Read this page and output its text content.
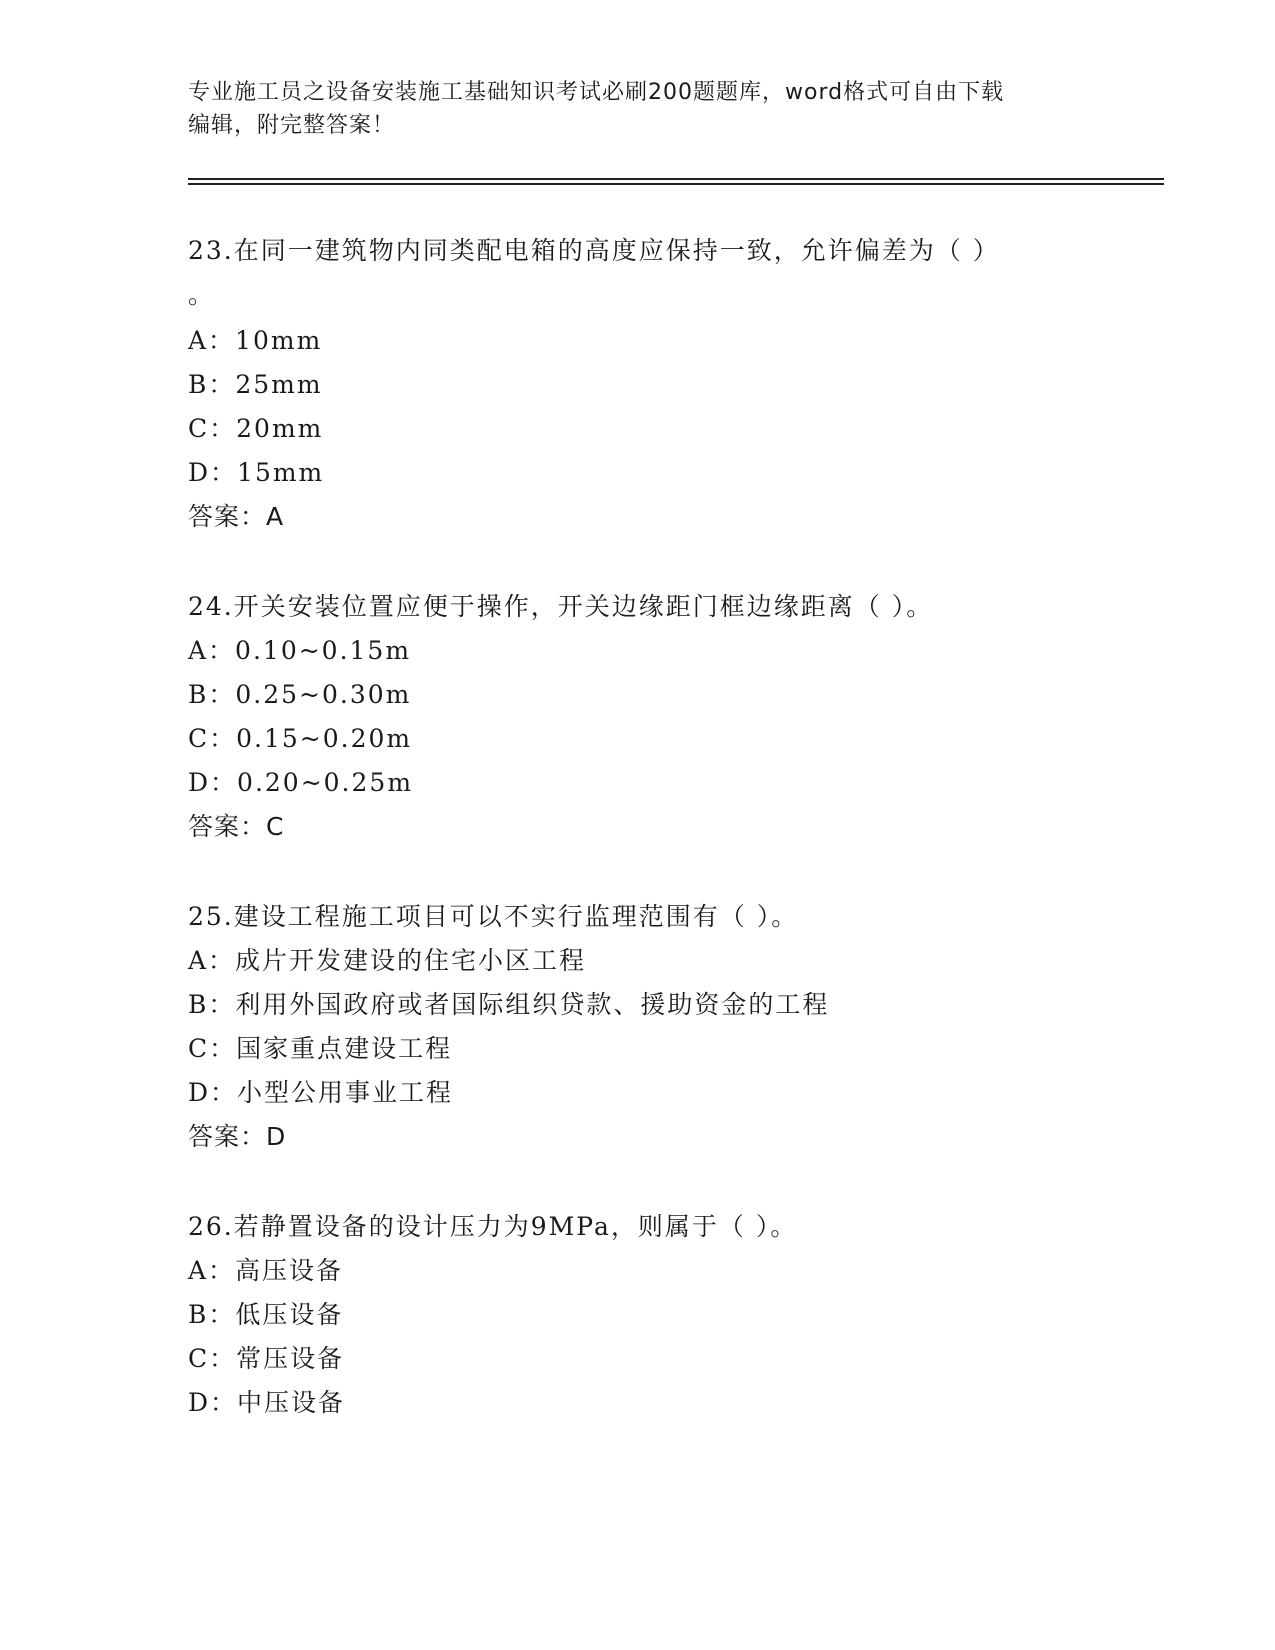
专业施工员之设备安装施工基础知识考试必刷200题题库，word格式可自由下载
编辑，附完整答案！
23.在同一建筑物内同类配电箱的高度应保持一致，允许偏差为（ ）
。
A：10mm
B：25mm
C：20mm
D：15mm
答案：A
24.开关安装位置应便于操作，开关边缘距门框边缘距离（ ）。
A：0.10~0.15m
B：0.25~0.30m
C：0.15~0.20m
D：0.20~0.25m
答案：C
25.建设工程施工项目可以不实行监理范围有（ ）。
A：成片开发建设的住宅小区工程
B：利用外国政府或者国际组织贷款、援助资金的工程
C：国家重点建设工程
D：小型公用事业工程
答案：D
26.若静置设备的设计压力为9MPa，则属于（ ）。
A：高压设备
B：低压设备
C：常压设备
D：中压设备
